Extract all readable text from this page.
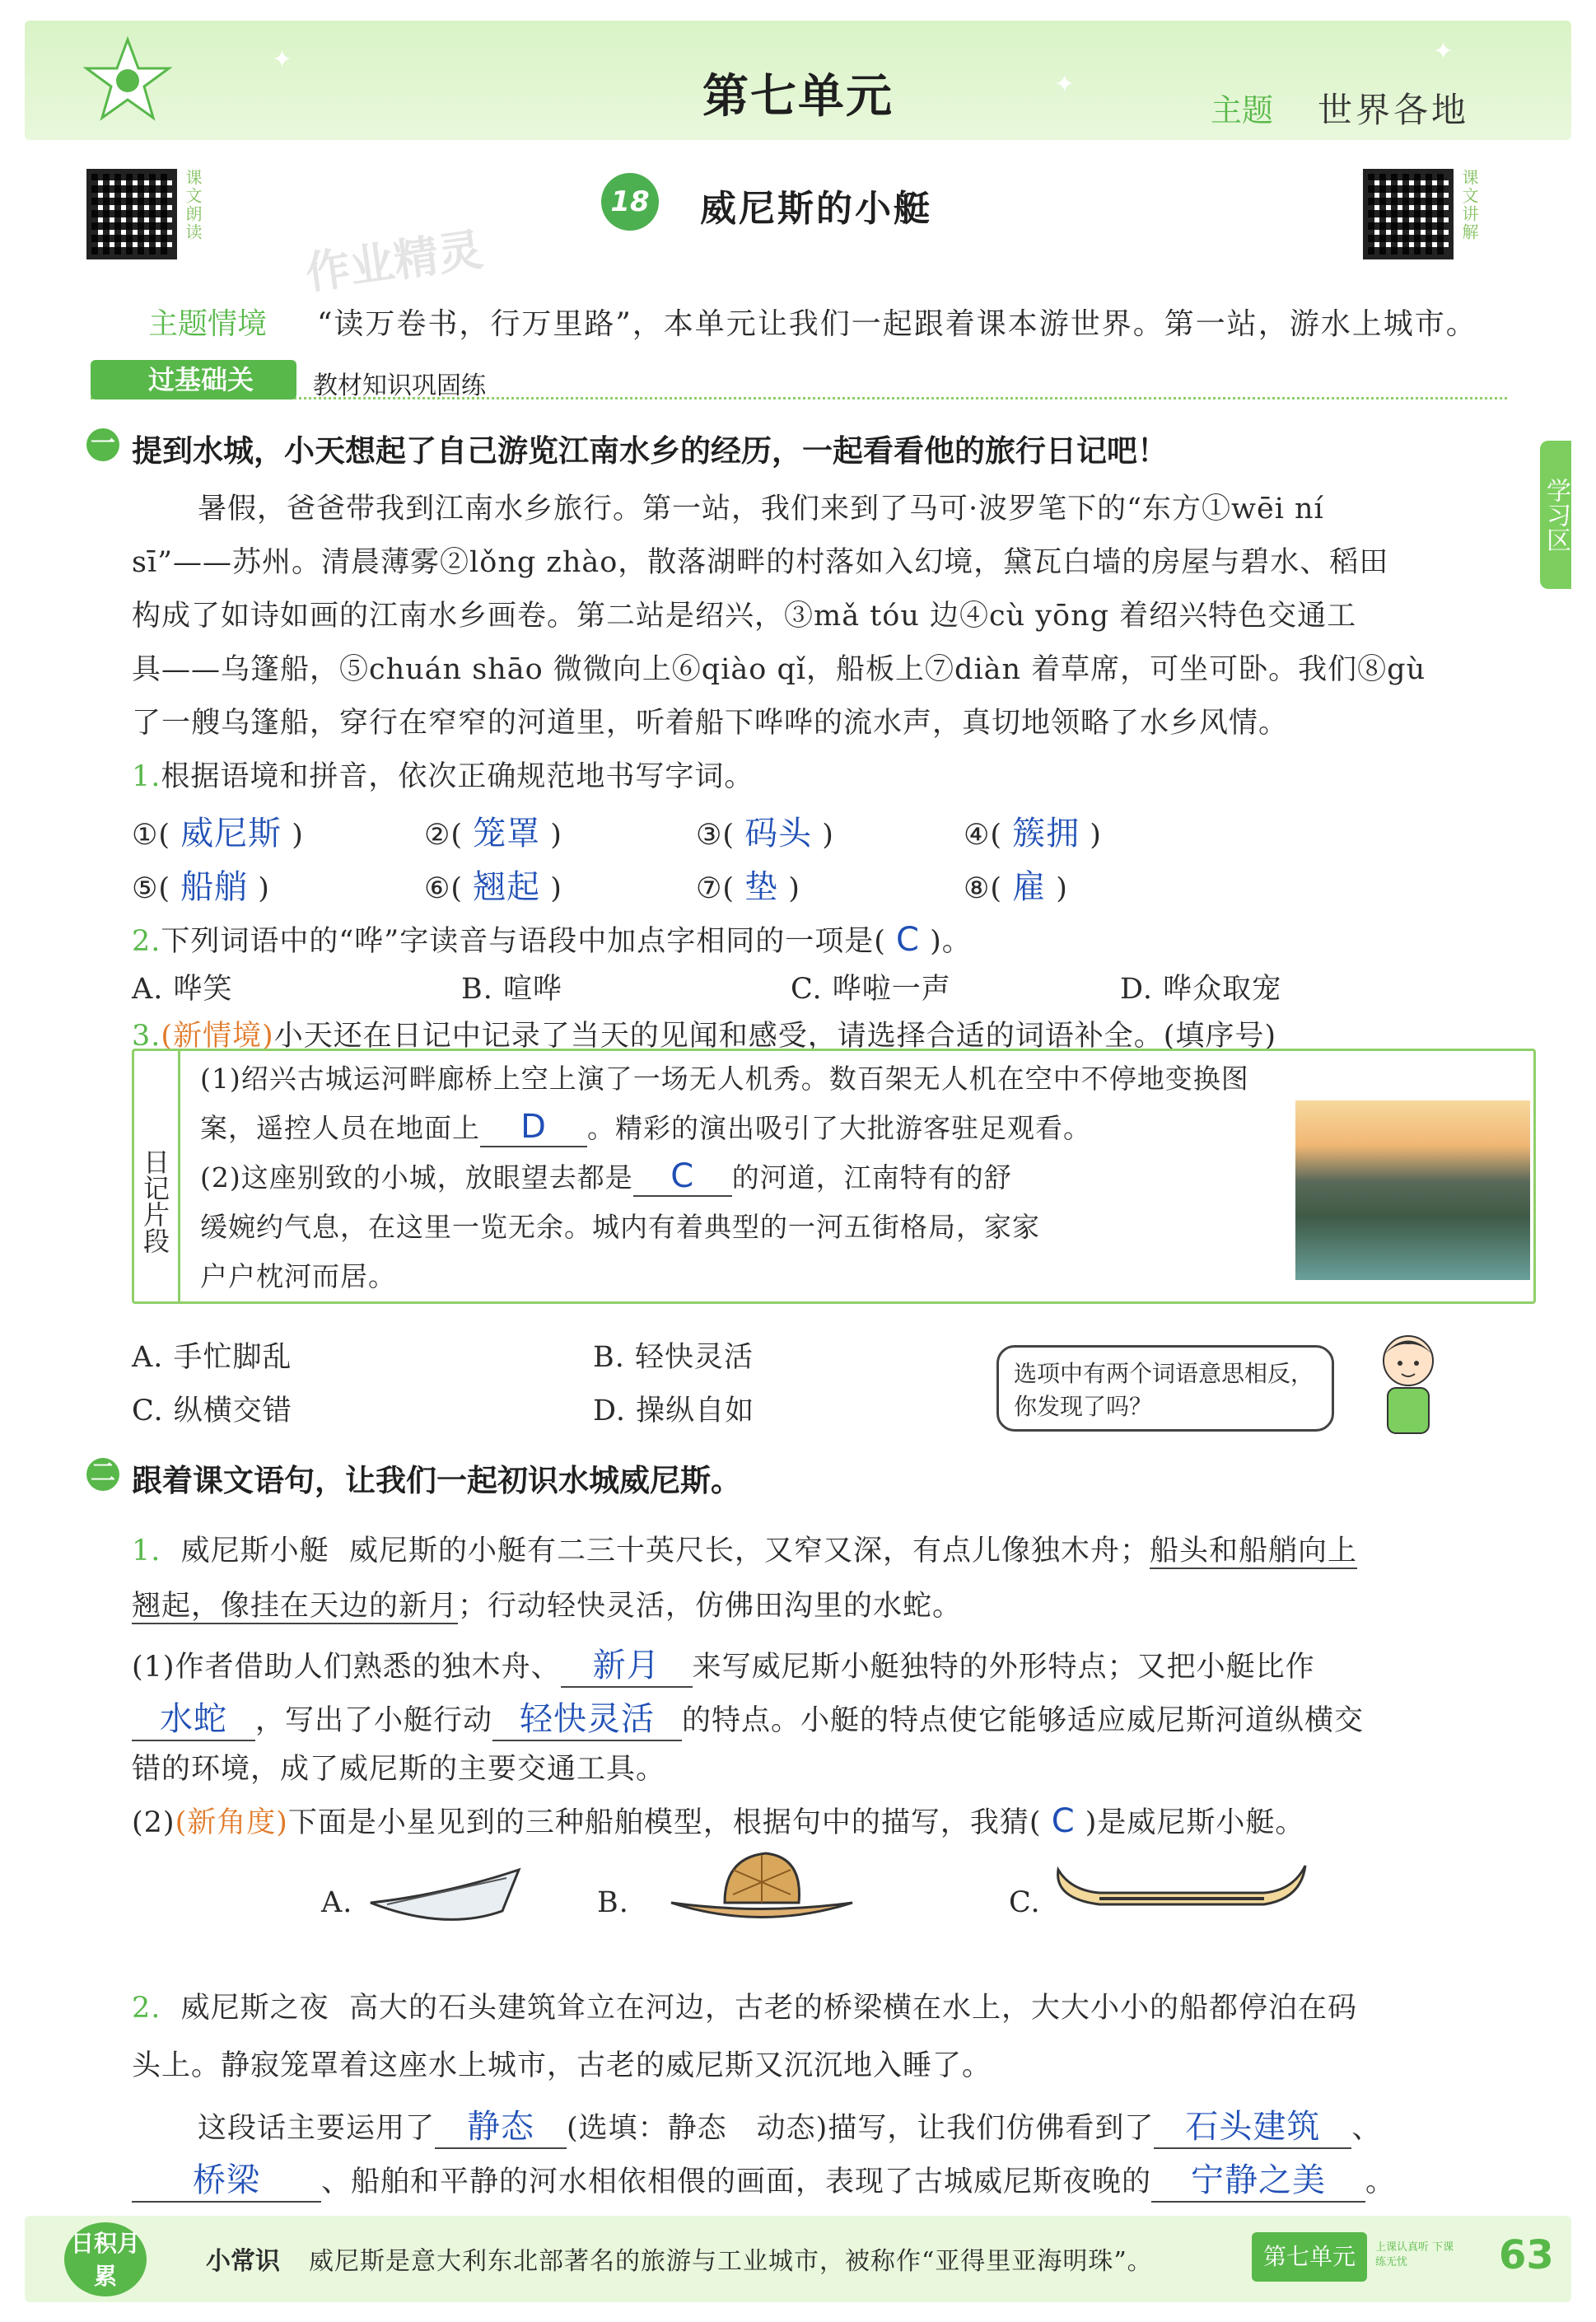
✦
✦
✦
第七单元	主题 世界各地
课文朗读	课文讲解
18 威尼斯的小艇
作业精灵
主题情境 “读万卷书，行万里路”，本单元让我们一起跟着课本游世界。第一站，游水上城市。
过基础关	教材知识巩固练
学习区
一 提到水城，小天想起了自己游览江南水乡的经历，一起看看他的旅行日记吧！
暑假，爸爸带我到江南水乡旅行。第一站，我们来到了马可·波罗笔下的“东方①wēi ní
sī”——苏州。清晨薄雾②lǒng zhào，散落湖畔的村落如入幻境，黛瓦白墙的房屋与碧水、稻田
构成了如诗如画的江南水乡画卷。第二站是绍兴，③mǎ tóu 边④cù yōng 着绍兴特色交通工
具——乌篷船，⑤chuán shāo 微微向上⑥qiào qǐ，船板上⑦diàn 着草席，可坐可卧。我们⑧gù
了一艘乌篷船，穿行在窄窄的河道里，听着船下哗哗的流水声，真切地领略了水乡风情。
1.根据语境和拼音，依次正确规范地书写字词。
①( 威尼斯 )	②( 笼罩 )	③( 码头 )	④( 簇拥 )
⑤( 船艄 )	⑥( 翘起 )	⑦( 垫 )	⑧( 雇 )
2.下列词语中的“哗”字读音与语段中加点字相同的一项是( C )。
A. 哗笑	B. 喧哗	C. 哗啦一声	D. 哗众取宠
3.(新情境)小天还在日记中记录了当天的见闻和感受，请选择合适的词语补全。(填序号)
日记片段
(1)绍兴古城运河畔廊桥上空上演了一场无人机秀。数百架无人机在空中不停地变换图
案，遥控人员在地面上 D 。精彩的演出吸引了大批游客驻足观看。
(2)这座别致的小城，放眼望去都是 C 的河道，江南特有的舒
缓婉约气息，在这里一览无余。城内有着典型的一河五街格局，家家
户户枕河而居。
A. 手忙脚乱	B. 轻快灵活
C. 纵横交错	D. 操纵自如
选项中有两个词语意思相反，你发现了吗？
二 跟着课文语句，让我们一起初识水城威尼斯。
1. 威尼斯小艇 威尼斯的小艇有二三十英尺长，又窄又深，有点儿像独木舟；船头和船艄向上
翘起，像挂在天边的新月；行动轻快灵活，仿佛田沟里的水蛇。
(1)作者借助人们熟悉的独木舟、 新月 来写威尼斯小艇独特的外形特点；又把小艇比作
水蛇 ，写出了小艇行动 轻快灵活 的特点。小艇的特点使它能够适应威尼斯河道纵横交
错的环境，成了威尼斯的主要交通工具。
(2)(新角度)下面是小星见到的三种船舶模型，根据句中的描写，我猜( C )是威尼斯小艇。
A.	B.	C.
2. 威尼斯之夜 高大的石头建筑耸立在河边，古老的桥梁横在水上，大大小小的船都停泊在码
头上。静寂笼罩着这座水上城市，古老的威尼斯又沉沉地入睡了。
这段话主要运用了 静态 (选填：静态　动态)描写，让我们仿佛看到了 石头建筑 、
桥梁 、船舶和平静的河水相依相偎的画面，表现了古城威尼斯夜晚的 宁静之美 。
日积月累
小常识 威尼斯是意大利东北部著名的旅游与工业城市，被称作“亚得里亚海明珠”。	第七单元	上课认真听 下课练无忧	63
